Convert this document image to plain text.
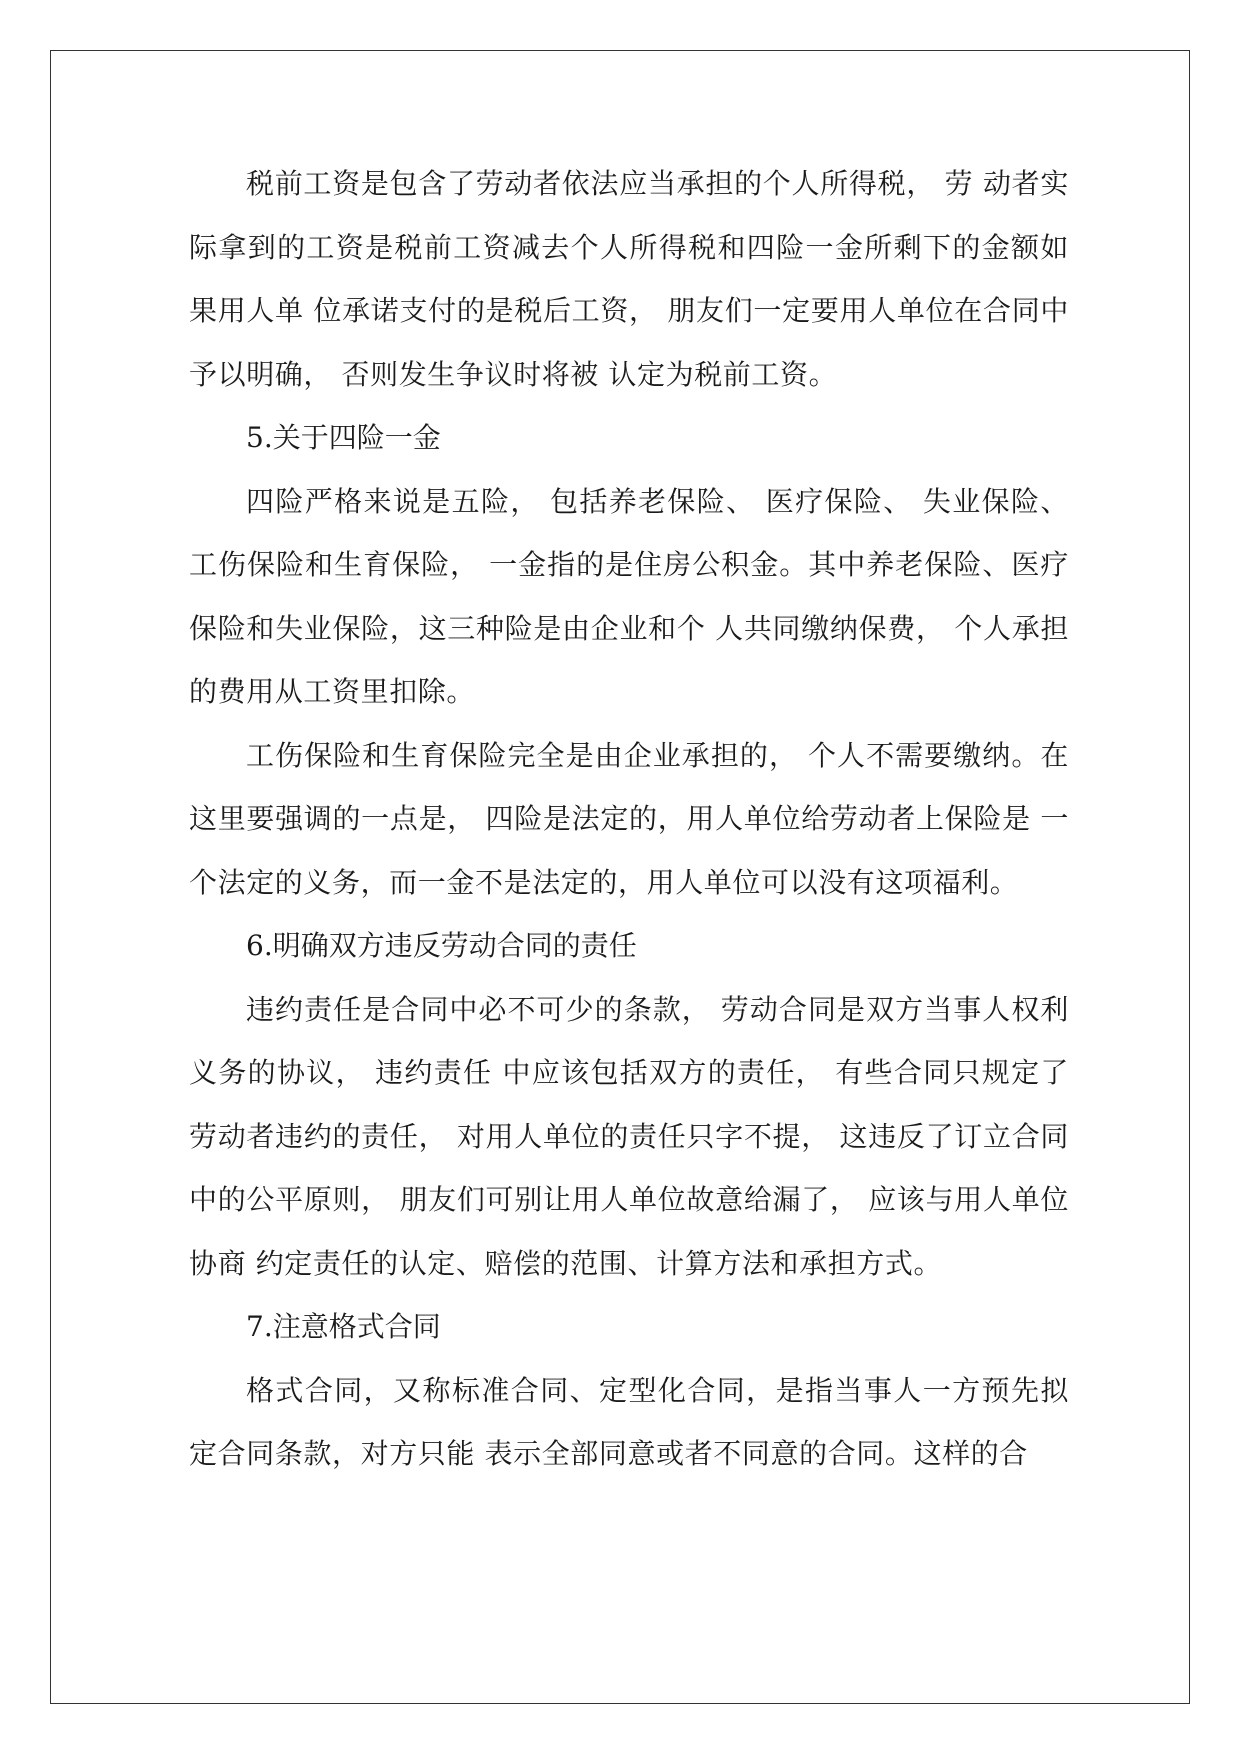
税前工资是包含了劳动者依法应当承担的个人所得税， 劳 动者实际拿到的工资是税前工资减去个人所得税和四险一金所剩下的金额如果用人单 位承诺支付的是税后工资， 朋友们一定要用人单位在合同中予以明确， 否则发生争议时将被 认定为税前工资。

5.关于四险一金

四险严格来说是五险， 包括养老保险、 医疗保险、 失业保险、工伤保险和生育保险， 一金指的是住房公积金。其中养老保险、医疗保险和失业保险，这三种险是由企业和个 人共同缴纳保费， 个人承担的费用从工资里扣除。

工伤保险和生育保险完全是由企业承担的， 个人不需要缴纳。在这里要强调的一点是， 四险是法定的，用人单位给劳动者上保险是 一个法定的义务，而一金不是法定的，用人单位可以没有这项福利。

6.明确双方违反劳动合同的责任

违约责任是合同中必不可少的条款， 劳动合同是双方当事人权利义务的协议， 违约责任 中应该包括双方的责任， 有些合同只规定了劳动者违约的责任， 对用人单位的责任只字不提， 这违反了订立合同中的公平原则， 朋友们可别让用人单位故意给漏了， 应该与用人单位协商 约定责任的认定、赔偿的范围、计算方法和承担方式。

7.注意格式合同

格式合同，又称标准合同、定型化合同，是指当事人一方预先拟定合同条款，对方只能 表示全部同意或者不同意的合同。这样的合
